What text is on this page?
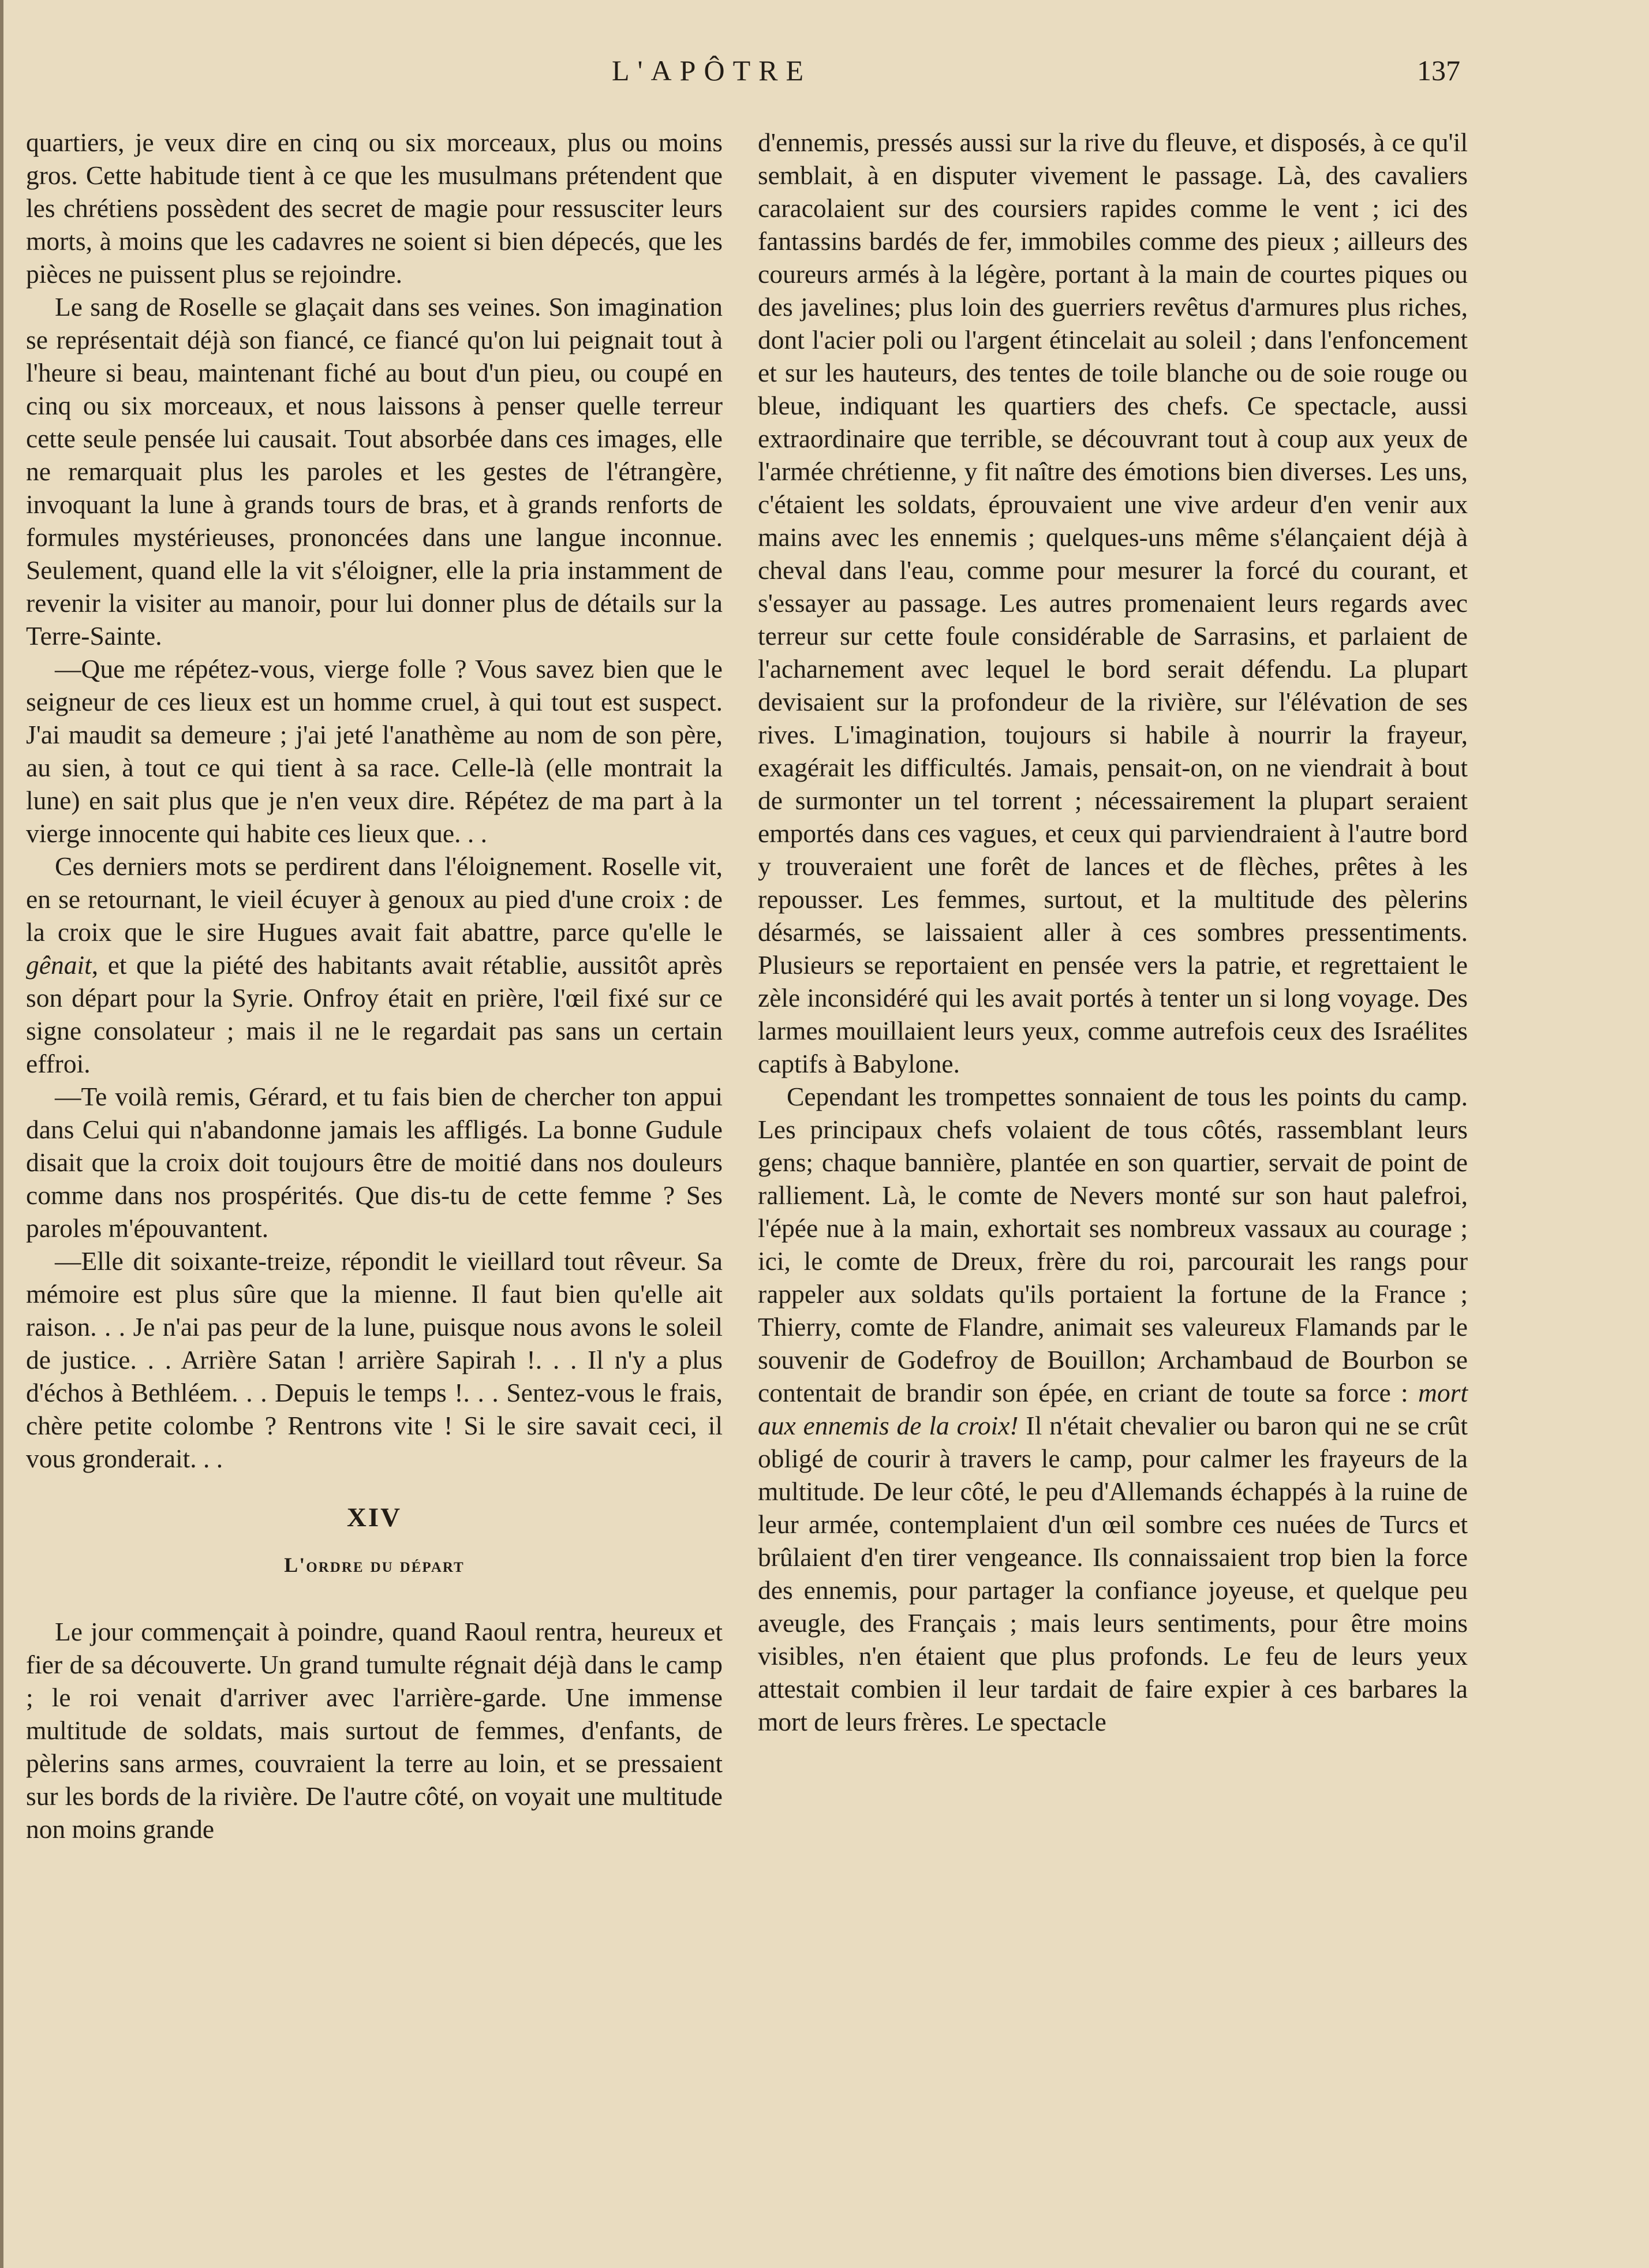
L'APÔTRE	137

quartiers, je veux dire en cinq ou six morceaux, plus ou moins gros. Cette habitude tient à ce que les musulmans prétendent que les chrétiens possèdent des secret de magie pour ressusciter leurs morts, à moins que les cadavres ne soient si bien dépecés, que les pièces ne puissent plus se rejoindre.

Le sang de Roselle se glaçait dans ses veines. Son imagination se représentait déjà son fiancé, ce fiancé qu'on lui peignait tout à l'heure si beau, maintenant fiché au bout d'un pieu, ou coupé en cinq ou six morceaux, et nous laissons à penser quelle terreur cette seule pensée lui causait. Tout absorbée dans ces images, elle ne remarquait plus les paroles et les gestes de l'étrangère, invoquant la lune à grands tours de bras, et à grands renforts de formules mystérieuses, prononcées dans une langue inconnue. Seulement, quand elle la vit s'éloigner, elle la pria instamment de revenir la visiter au manoir, pour lui donner plus de détails sur la Terre-Sainte.

—Que me répétez-vous, vierge folle ? Vous savez bien que le seigneur de ces lieux est un homme cruel, à qui tout est suspect. J'ai maudit sa demeure ; j'ai jeté l'anathème au nom de son père, au sien, à tout ce qui tient à sa race. Celle-là (elle montrait la lune) en sait plus que je n'en veux dire. Répétez de ma part à la vierge innocente qui habite ces lieux que. . .

Ces derniers mots se perdirent dans l'éloignement. Roselle vit, en se retournant, le vieil écuyer à genoux au pied d'une croix : de la croix que le sire Hugues avait fait abattre, parce qu'elle le gênait, et que la piété des habitants avait rétablie, aussitôt après son départ pour la Syrie. Onfroy était en prière, l'œil fixé sur ce signe consolateur ; mais il ne le regardait pas sans un certain effroi.

—Te voilà remis, Gérard, et tu fais bien de chercher ton appui dans Celui qui n'abandonne jamais les affligés. La bonne Gudule disait que la croix doit toujours être de moitié dans nos douleurs comme dans nos prospérités. Que dis-tu de cette femme ? Ses paroles m'épouvantent.

—Elle dit soixante-treize, répondit le vieillard tout rêveur. Sa mémoire est plus sûre que la mienne. Il faut bien qu'elle ait raison. . . Je n'ai pas peur de la lune, puisque nous avons le soleil de justice. . . Arrière Satan ! arrière Sapirah !. . . Il n'y a plus d'échos à Bethléem. . . Depuis le temps !. . . Sentez-vous le frais, chère petite colombe ? Rentrons vite ! Si le sire savait ceci, il vous gronderait. . .

XIV
L'ordre du départ

Le jour commençait à poindre, quand Raoul rentra, heureux et fier de sa découverte. Un grand tumulte régnait déjà dans le camp ; le roi venait d'arriver avec l'arrière-garde. Une immense multitude de soldats, mais surtout de femmes, d'enfants, de pèlerins sans armes, couvraient la terre au loin, et se pressaient sur les bords de la rivière. De l'autre côté, on voyait une multitude non moins grande

d'ennemis, pressés aussi sur la rive du fleuve, et disposés, à ce qu'il semblait, à en disputer vivement le passage. Là, des cavaliers caracolaient sur des coursiers rapides comme le vent ; ici des fantassins bardés de fer, immobiles comme des pieux ; ailleurs des coureurs armés à la légère, portant à la main de courtes piques ou des javelines; plus loin des guerriers revêtus d'armures plus riches, dont l'acier poli ou l'argent étincelait au soleil ; dans l'enfoncement et sur les hauteurs, des tentes de toile blanche ou de soie rouge ou bleue, indiquant les quartiers des chefs. Ce spectacle, aussi extraordinaire que terrible, se découvrant tout à coup aux yeux de l'armée chrétienne, y fit naître des émotions bien diverses. Les uns, c'étaient les soldats, éprouvaient une vive ardeur d'en venir aux mains avec les ennemis ; quelques-uns même s'élançaient déjà à cheval dans l'eau, comme pour mesurer la forcé du courant, et s'essayer au passage. Les autres promenaient leurs regards avec terreur sur cette foule considérable de Sarrasins, et parlaient de l'acharnement avec lequel le bord serait défendu. La plupart devisaient sur la profondeur de la rivière, sur l'élévation de ses rives. L'imagination, toujours si habile à nourrir la frayeur, exagérait les difficultés. Jamais, pensait-on, on ne viendrait à bout de surmonter un tel torrent ; nécessairement la plupart seraient emportés dans ces vagues, et ceux qui parviendraient à l'autre bord y trouveraient une forêt de lances et de flèches, prêtes à les repousser. Les femmes, surtout, et la multitude des pèlerins désarmés, se laissaient aller à ces sombres pressentiments. Plusieurs se reportaient en pensée vers la patrie, et regrettaient le zèle inconsidéré qui les avait portés à tenter un si long voyage. Des larmes mouillaient leurs yeux, comme autrefois ceux des Israélites captifs à Babylone.

Cependant les trompettes sonnaient de tous les points du camp. Les principaux chefs volaient de tous côtés, rassemblant leurs gens; chaque bannière, plantée en son quartier, servait de point de ralliement. Là, le comte de Nevers monté sur son haut palefroi, l'épée nue à la main, exhortait ses nombreux vassaux au courage ; ici, le comte de Dreux, frère du roi, parcourait les rangs pour rappeler aux soldats qu'ils portaient la fortune de la France ; Thierry, comte de Flandre, animait ses valeureux Flamands par le souvenir de Godefroy de Bouillon; Archambaud de Bourbon se contentait de brandir son épée, en criant de toute sa force : mort aux ennemis de la croix! Il n'était chevalier ou baron qui ne se crût obligé de courir à travers le camp, pour calmer les frayeurs de la multitude. De leur côté, le peu d'Allemands échappés à la ruine de leur armée, contemplaient d'un œil sombre ces nuées de Turcs et brûlaient d'en tirer vengeance. Ils connaissaient trop bien la force des ennemis, pour partager la confiance joyeuse, et quelque peu aveugle, des Français ; mais leurs sentiments, pour être moins visibles, n'en étaient que plus profonds. Le feu de leurs yeux attestait combien il leur tardait de faire expier à ces barbares la mort de leurs frères. Le spectacle
